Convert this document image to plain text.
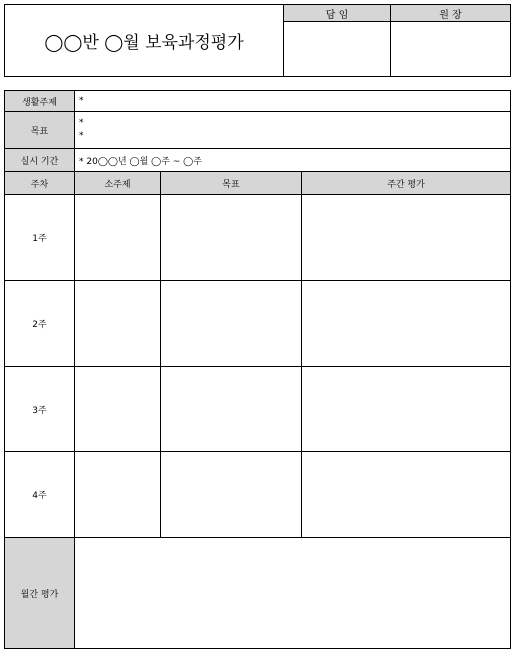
◯◯반 ◯월 보육과정평가	담 임	원 장

생활주제	*		
목표	*
*		

실시 기간	* 20◯◯년 ◯월 ◯주 ~ ◯주		
주차	소주제	목표	주간 평가
1주			
2주			
3주			
4주			
월간 평가			
